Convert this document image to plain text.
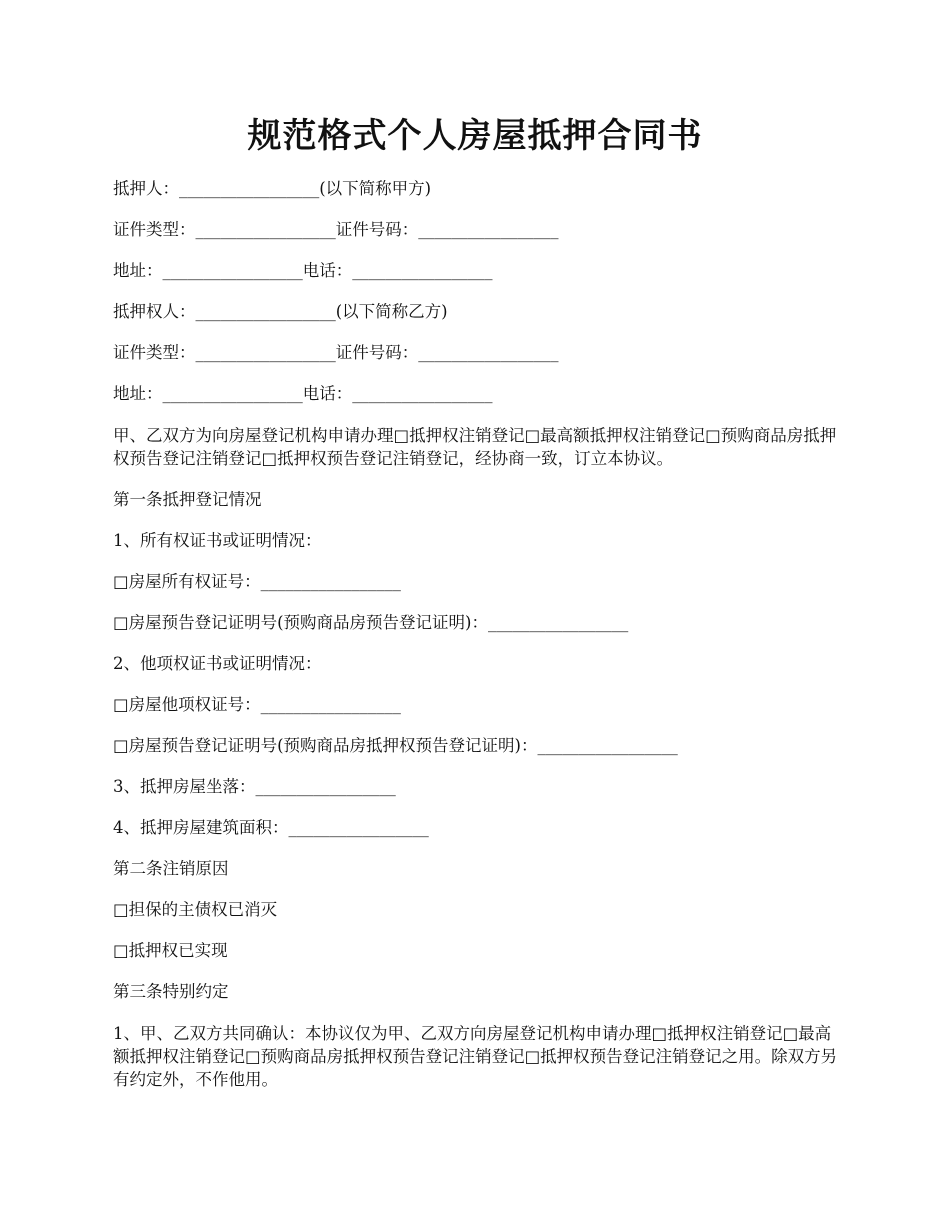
规范格式个人房屋抵押合同书

抵押人：_________________(以下简称甲方)

证件类型：_________________证件号码：_________________

地址：_________________电话：_________________

抵押权人：_________________(以下简称乙方)

证件类型：_________________证件号码：_________________

地址：_________________电话：_________________

甲、乙双方为向房屋登记机构申请办理□抵押权注销登记□最高额抵押权注销登记□预购商品房抵押权预告登记注销登记□抵押权预告登记注销登记，经协商一致，订立本协议。

第一条抵押登记情况

1、所有权证书或证明情况：

□房屋所有权证号：_________________

□房屋预告登记证明号(预购商品房预告登记证明)：_________________

2、他项权证书或证明情况：

□房屋他项权证号：_________________

□房屋预告登记证明号(预购商品房抵押权预告登记证明)：_________________

3、抵押房屋坐落：_________________

4、抵押房屋建筑面积：_________________

第二条注销原因

□担保的主债权已消灭

□抵押权已实现

第三条特别约定

1、甲、乙双方共同确认：本协议仅为甲、乙双方向房屋登记机构申请办理□抵押权注销登记□最高额抵押权注销登记□预购商品房抵押权预告登记注销登记□抵押权预告登记注销登记之用。除双方另有约定外，不作他用。
